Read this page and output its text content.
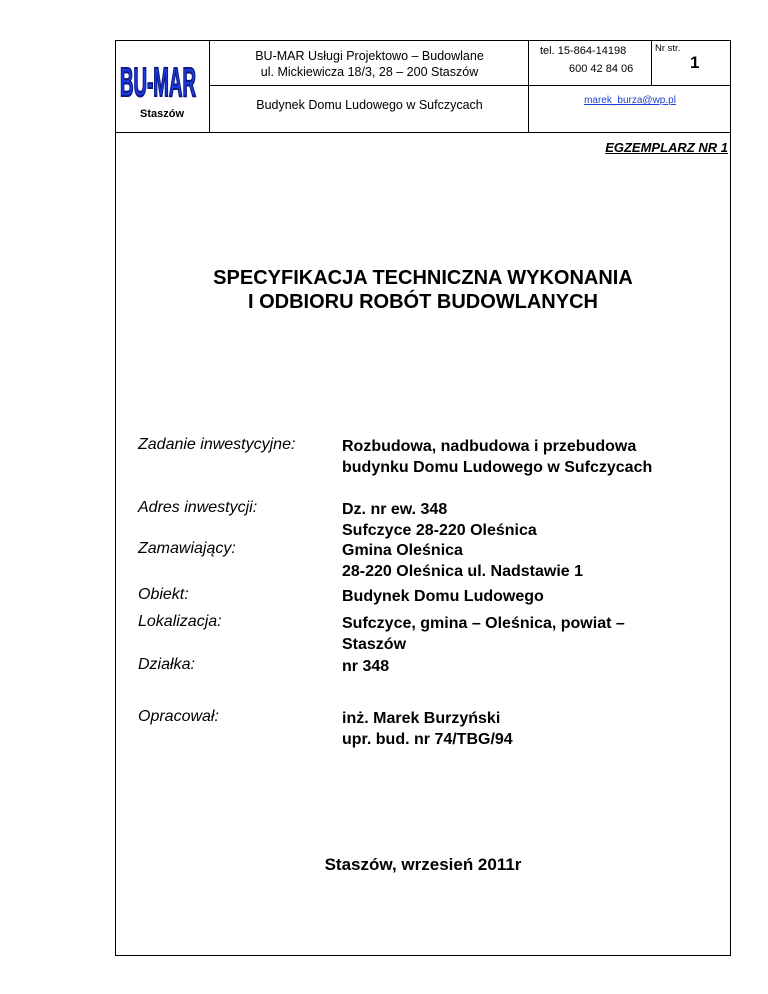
BU-MAR
Staszów
BU-MAR Usługi Projektowo – Budowlane
ul. Mickiewicza 18/3, 28 – 200 Staszów
Budynek Domu Ludowego w Sufczycach
tel. 15-864-14198
600 42 84 06
Nr str.
1
marek_burza@wp.pl
EGZEMPLARZ NR 1
SPECYFIKACJA TECHNICZNA WYKONANIA
I ODBIORU ROBÓT BUDOWLANYCH
Zadanie inwestycyjne:	Rozbudowa, nadbudowa i przebudowa
budynku Domu Ludowego w Sufczycach
Adres inwestycji:	Dz. nr ew. 348
Sufczyce 28-220 Oleśnica
Zamawiający:	Gmina Oleśnica
28-220 Oleśnica ul. Nadstawie 1
Obiekt:	Budynek Domu Ludowego
Lokalizacja:	Sufczyce, gmina – Oleśnica, powiat –
Staszów
Działka:	nr 348
Opracował:	inż. Marek Burzyński
upr. bud. nr 74/TBG/94
Staszów, wrzesień 2011r
